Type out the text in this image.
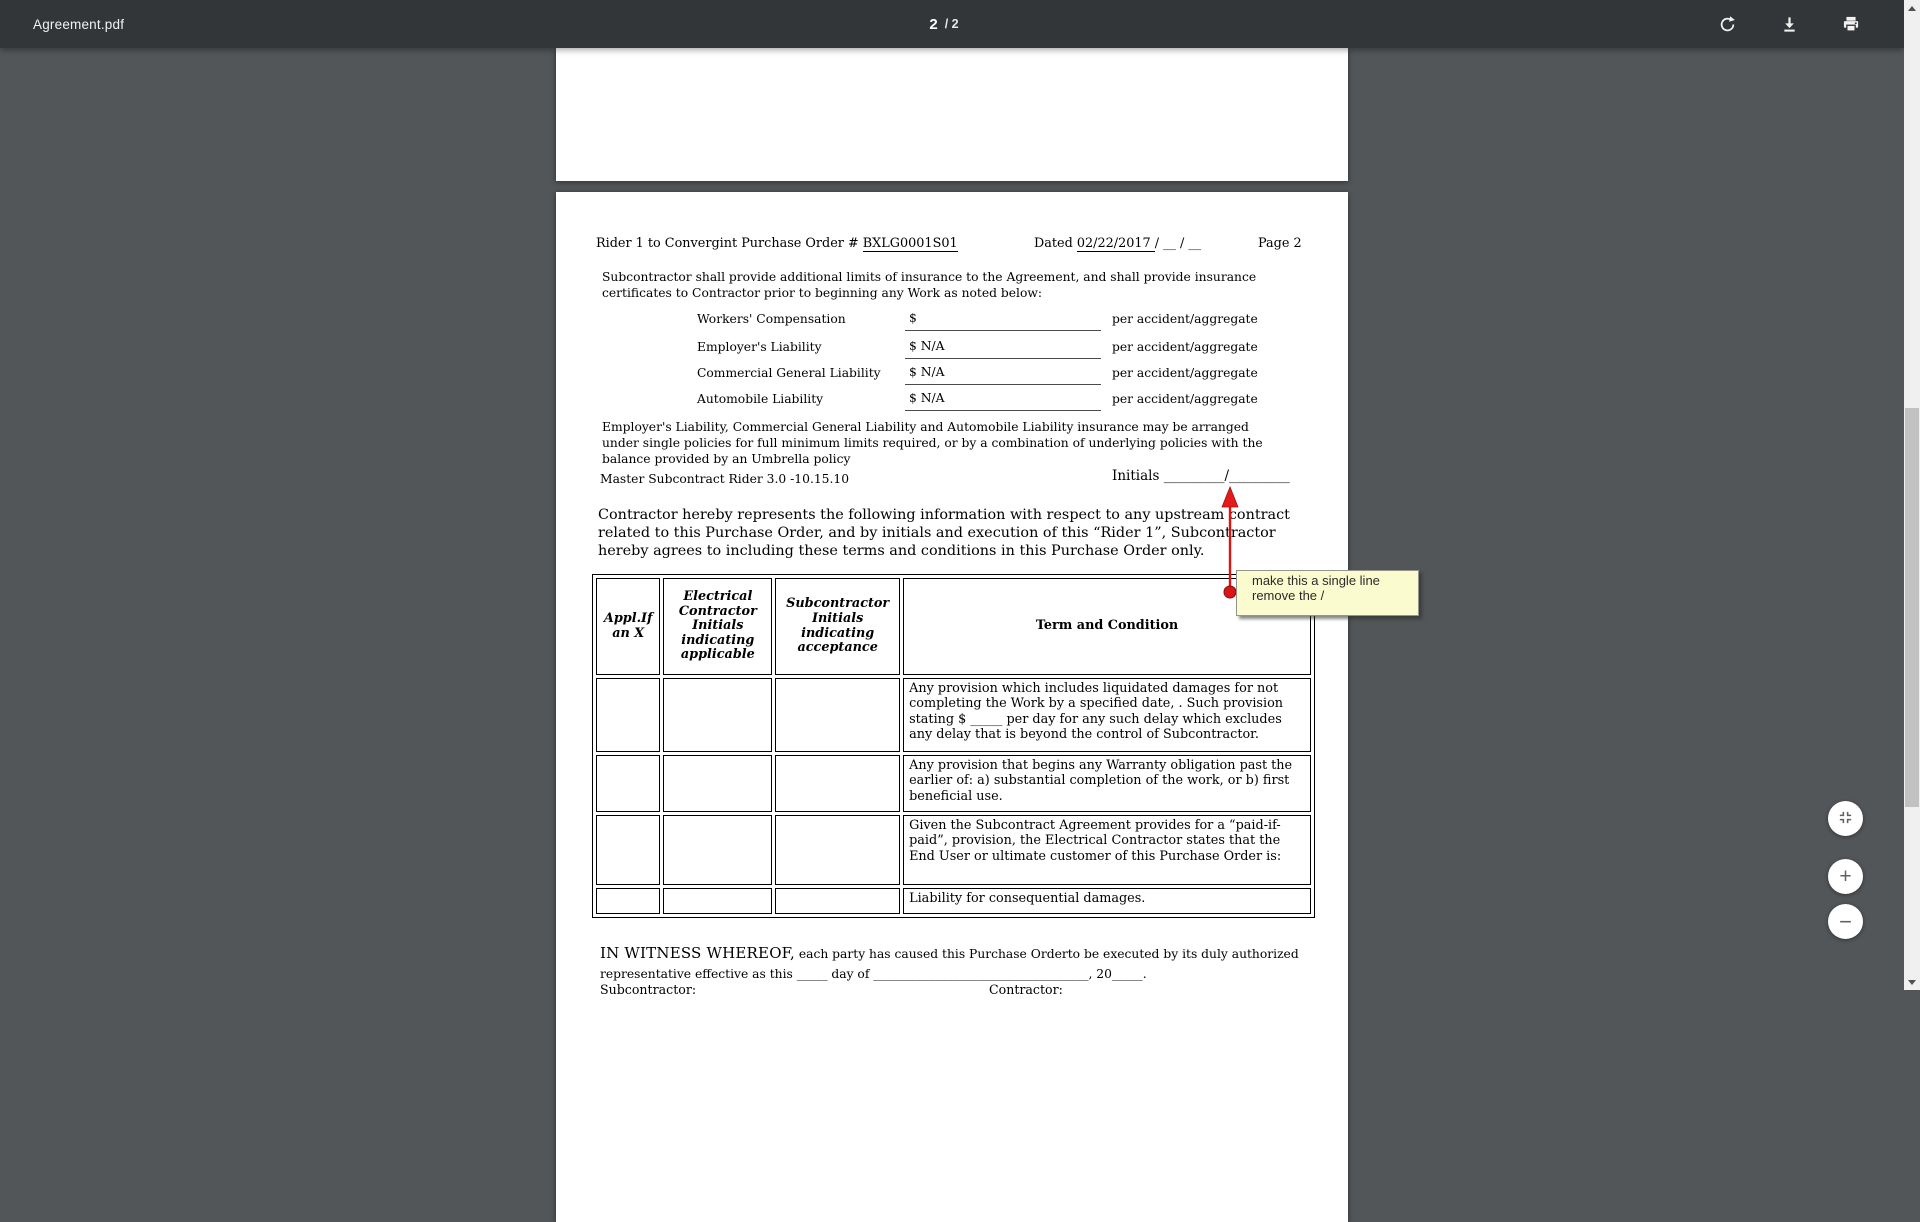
Agreement.pdf	2 / 2
Rider 1 to Convergint Purchase Order # BXLG0001S01	Dated 02/22/2017 / __ / __	Page 2

Subcontractor shall provide additional limits of insurance to the Agreement, and shall provide insurance certificates to Contractor prior to beginning any Work as noted below:

Workers' Compensation	$	per accident/aggregate
Employer's Liability	$ N/A	per accident/aggregate
Commercial General Liability	$ N/A	per accident/aggregate
Automobile Liability	$ N/A	per accident/aggregate

Employer's Liability, Commercial General Liability and Automobile Liability insurance may be arranged under single policies for full minimum limits required, or by a combination of underlying policies with the balance provided by an Umbrella policy

Master Subcontract Rider 3.0 -10.15.10	Initials _________/_________

Contractor hereby represents the following information with respect to any upstream contract related to this Purchase Order, and by initials and execution of this “Rider 1”, Subcontractor hereby agrees to including these terms and conditions in this Purchase Order only.

Appl.If an X	Electrical Contractor Initials indicating applicable	Subcontractor Initials indicating acceptance	Term and Condition
			Any provision which includes liquidated damages for not completing the Work by a specified date, . Such provision stating $ _____ per day for any such delay which excludes any delay that is beyond the control of Subcontractor.
			Any provision that begins any Warranty obligation past the earlier of: a) substantial completion of the work, or b) first beneficial use.
			Given the Subcontract Agreement provides for a “paid-if-paid”, provision, the Electrical Contractor states that the End User or ultimate customer of this Purchase Order is:
			Liability for consequential damages.

IN WITNESS WHEREOF, each party has caused this Purchase Orderto be executed by its duly authorized representative effective as this _____ day of ___________________________________, 20_____.

Subcontractor:	Contractor:
make this a single line
remove the /
+
−
